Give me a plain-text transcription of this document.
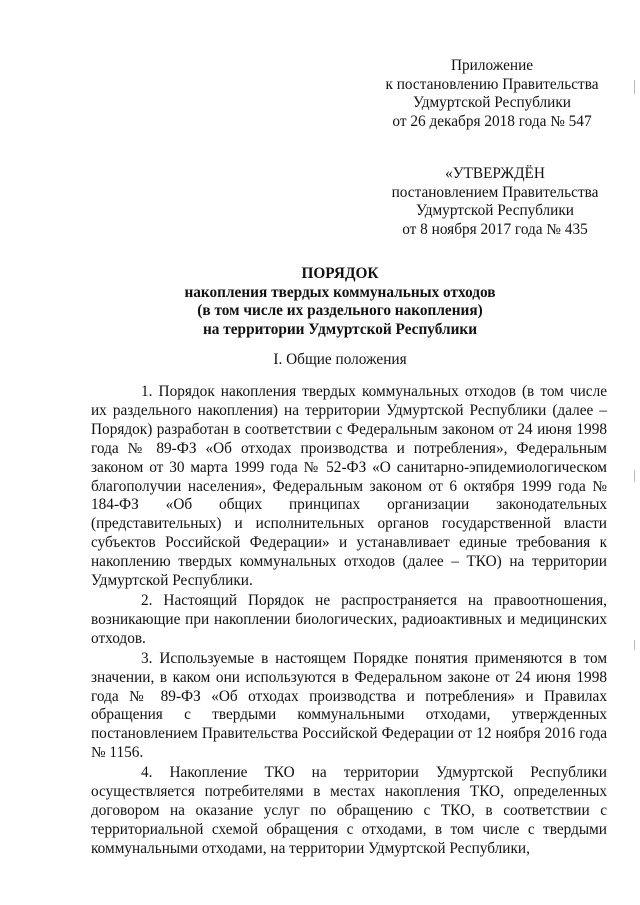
Приложение
к постановлению Правительства
Удмуртской Республики
от 26 декабря 2018 года № 547
«УТВЕРЖДЁН
постановлением Правительства
Удмуртской Республики
от 8 ноября 2017 года № 435
ПОРЯДОК
накопления твердых коммунальных отходов
(в том числе их раздельного накопления)
на территории Удмуртской Республики
I. Общие положения

1. Порядок накопления твердых коммунальных отходов (в том числе их раздельного накопления) на территории Удмуртской Республики (далее – Порядок) разработан в соответствии с Федеральным законом от 24 июня 1998 года № 89-ФЗ «Об отходах производства и потребления», Федеральным законом от 30 марта 1999 года № 52-ФЗ «О санитарно-эпидемиологическом благополучии населения», Федеральным законом от 6 октября 1999 года № 184-ФЗ «Об общих принципах организации законодательных (представительных) и исполнительных органов государственной власти субъектов Российской Федерации» и устанавливает единые требования к накоплению твердых коммунальных отходов (далее – ТКО) на территории Удмуртской Республики.

2. Настоящий Порядок не распространяется на правоотношения, возникающие при накоплении биологических, радиоактивных и медицинских отходов.

3. Используемые в настоящем Порядке понятия применяются в том значении, в каком они используются в Федеральном законе от 24 июня 1998 года № 89-ФЗ «Об отходах производства и потребления» и Правилах обращения с твердыми коммунальными отходами, утвержденных постановлением Правительства Российской Федерации от 12 ноября 2016 года № 1156.

4. Накопление ТКО на территории Удмуртской Республики осуществляется потребителями в местах накопления ТКО, определенных договором на оказание услуг по обращению с ТКО, в соответствии с территориальной схемой обращения с отходами, в том числе с твердыми коммунальными отходами, на территории Удмуртской Республики,
